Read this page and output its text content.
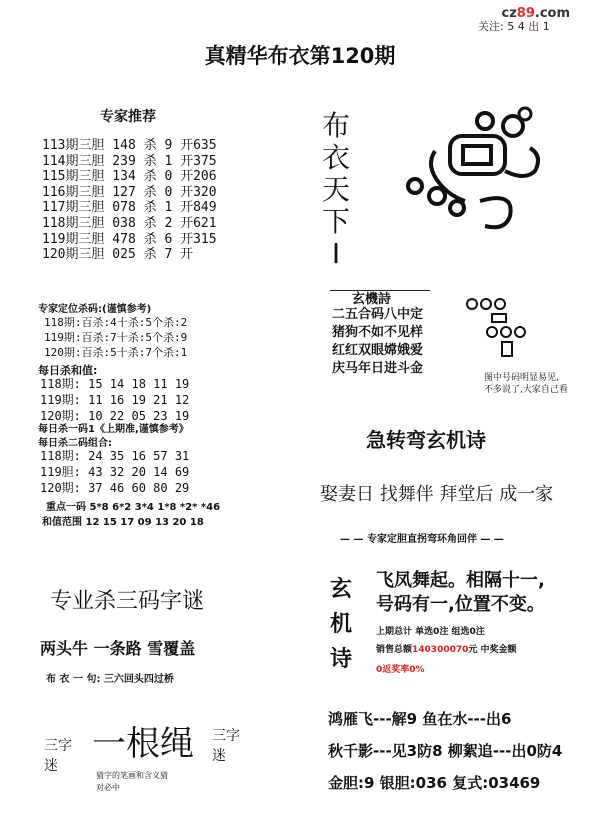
cz89.com
关注: 5 4 出 1
真精华布衣第120期
专家推荐
113期三胆 148 杀 9 开635
114期三胆 239 杀 1 开375
115期三胆 134 杀 0 开206
116期三胆 127 杀 0 开320
117期三胆 078 杀 1 开849
118期三胆 038 杀 2 开621
119期三胆 478 杀 6 开315
120期三胆 025 杀 7 开
专家定位杀码:(谨慎参考)
118期:百杀:4十杀:5个杀:2
119期:百杀:7十杀:5个杀:9
120期:百杀:5十杀:7个杀:1
每日杀和值:
118期: 15 14 18 11 19
119期: 11 16 19 21 12
120期: 10 22 05 23 19
每日杀一码1《上期准,谨慎参考》
每日杀二码组合:
118期: 24 35 16 57 31
119胆: 43 32 20 14 69
120期: 37 46 60 80 29
重点一码 5*8 6*2 3*4 1*8 *2* *46
和值范围 12 15 17 09 13 20 18
布
衣
天
下
I
玄機詩
二五合码八中定
猪狗不如不见样
红红双眼嫦娥爱
庆马年日进斗金
图中号码明显易见,
不多说了,大家自己看
急转弯玄机诗
娶妻日 找舞伴 拜堂后 成一家
— — 专家定胆直拐弯环角回伴 — —
玄
机
诗
飞凤舞起。相隔十一,
号码有一,位置不变。
上期总计 单选0注 组选0注
销售总额140300070元 中奖金额
0返奖率0%
专业杀三码字谜
两头牛 一条路 雪覆盖
布 衣 一 句: 三六回头四过桥
三字
迷
一根绳
猜字的笔画和含义猜
对必中
三字
迷
鸿雁飞---解9 鱼在水---出6
秋千影---见3防8 柳絮追---出0防4
金胆:9 银胆:036 复式:03469
